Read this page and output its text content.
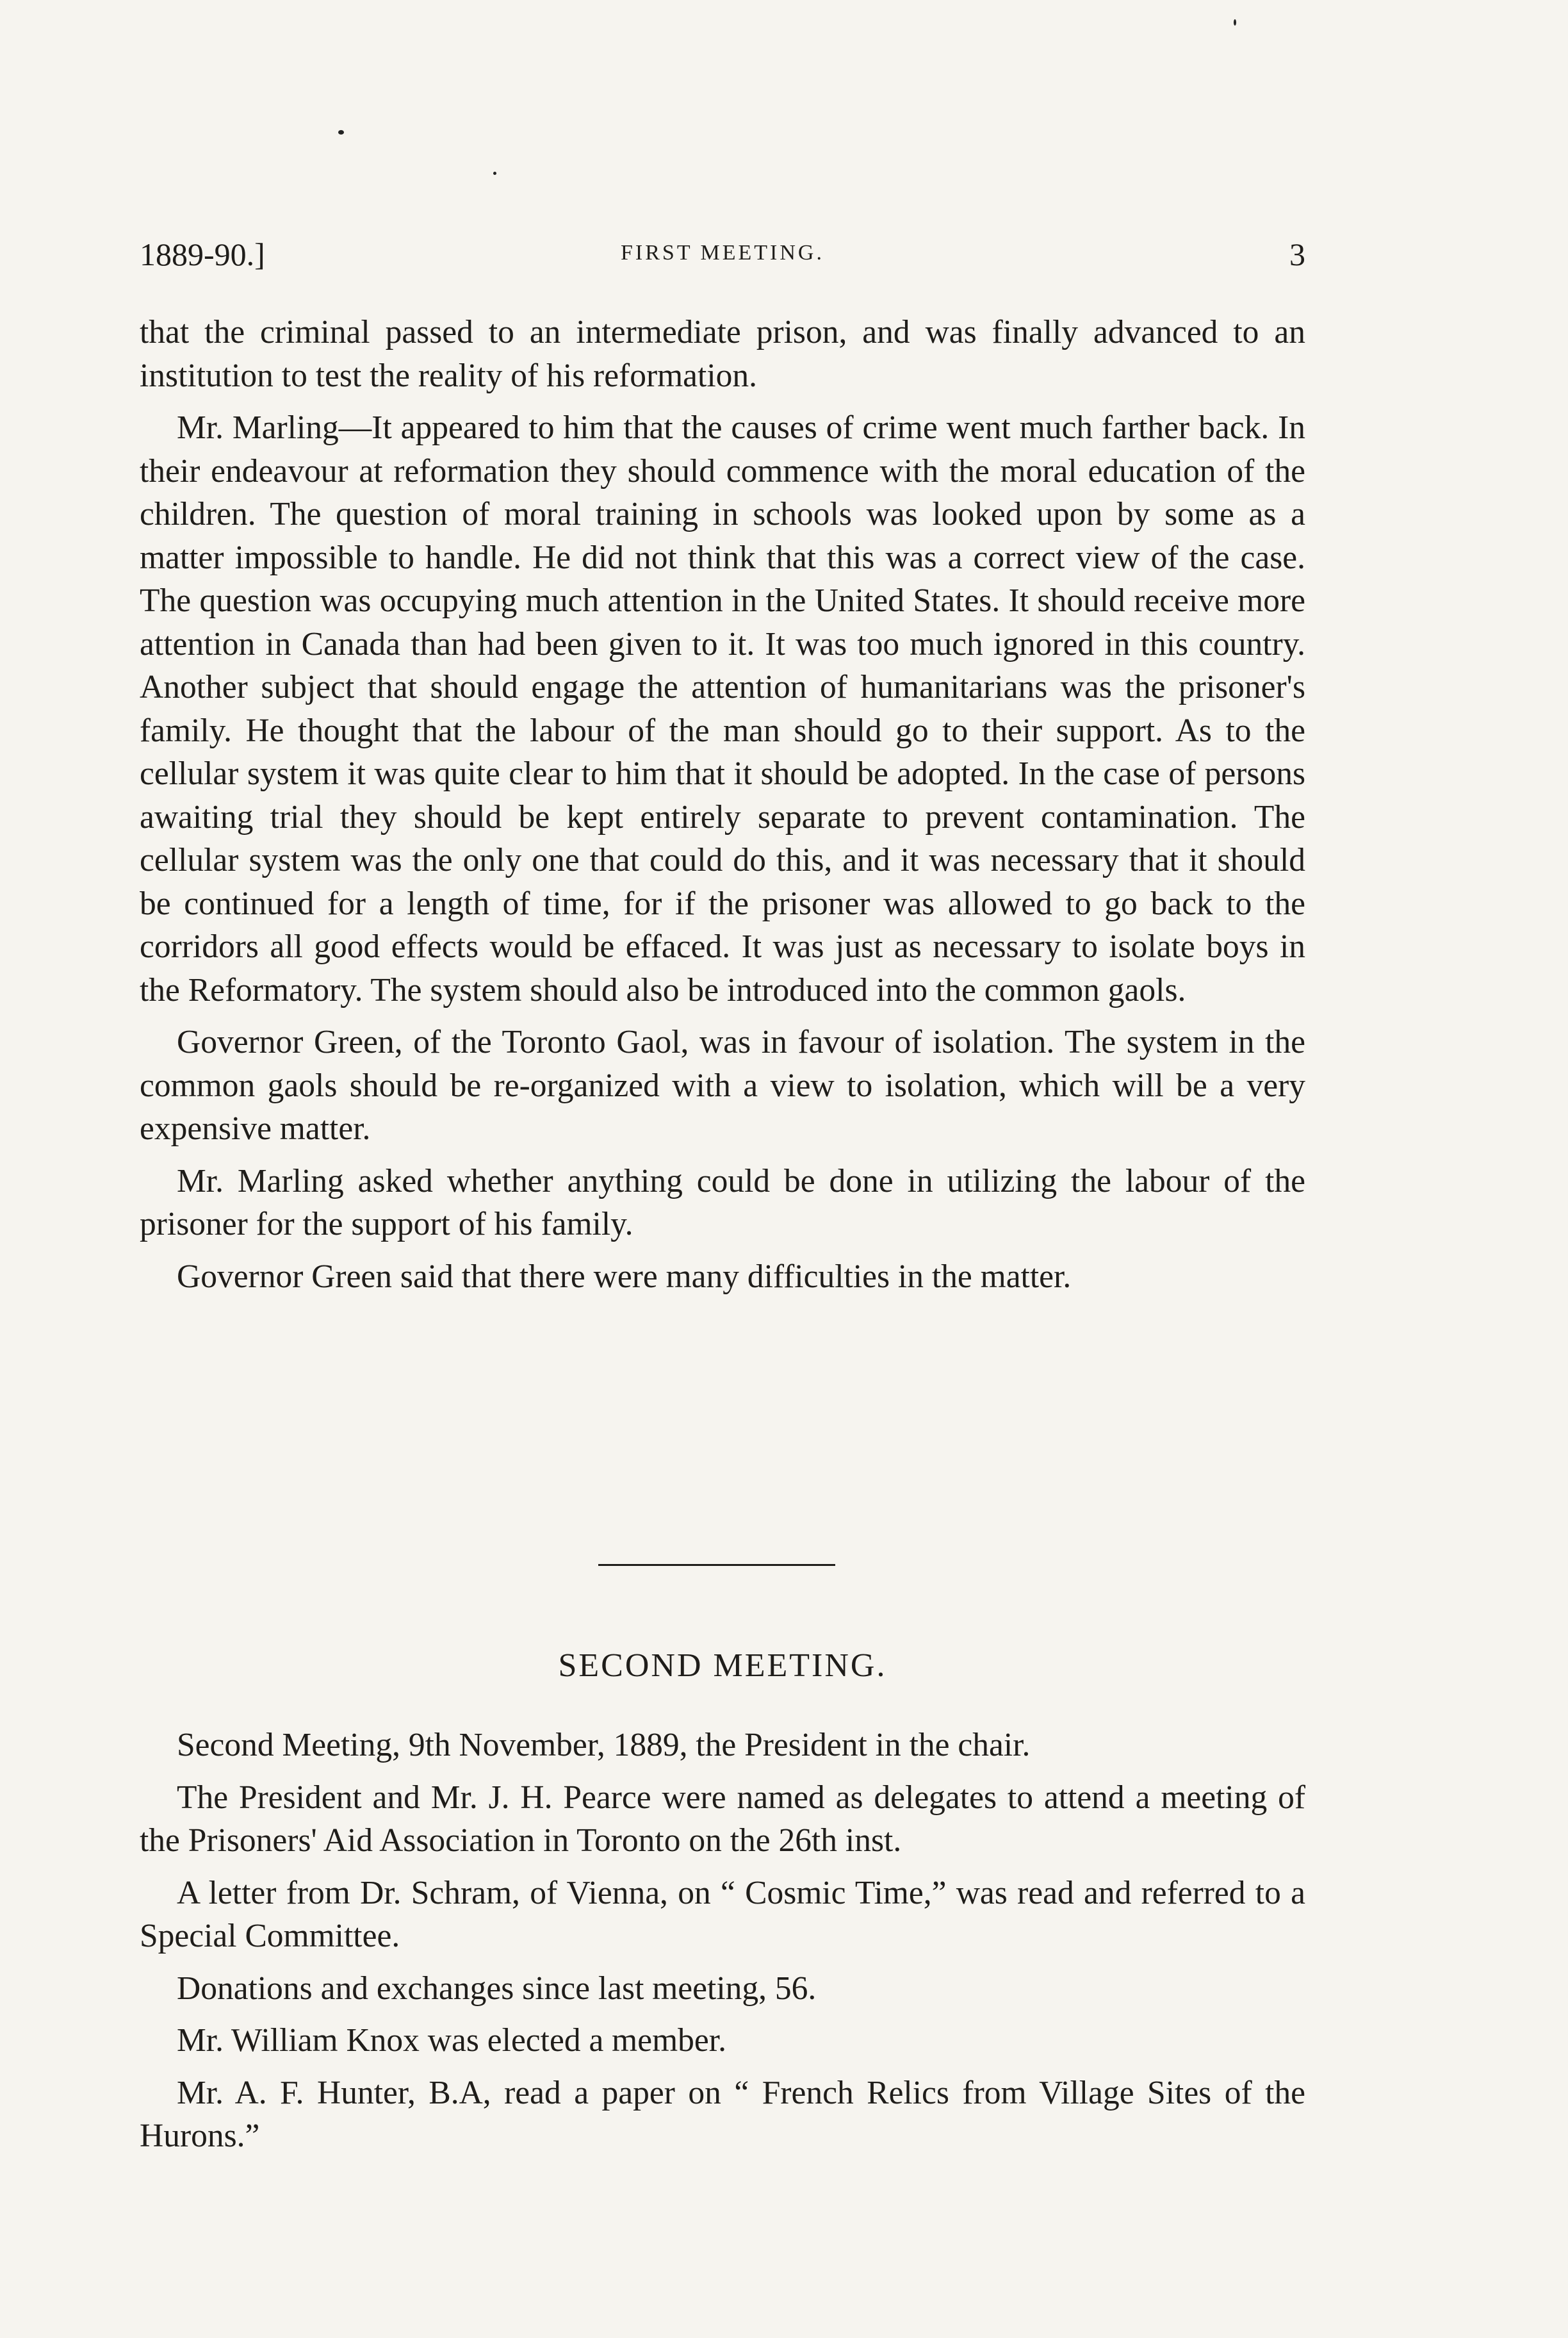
1889-90.]	FIRST MEETING.	3

that the criminal passed to an intermediate prison, and was finally advanced to an institution to test the reality of his reformation.

Mr. Marling—It appeared to him that the causes of crime went much farther back. In their endeavour at reformation they should commence with the moral education of the children. The question of moral training in schools was looked upon by some as a matter impossible to handle. He did not think that this was a correct view of the case. The question was occupying much attention in the United States. It should receive more attention in Canada than had been given to it. It was too much ignored in this country. Another subject that should engage the attention of humanitarians was the prisoner's family. He thought that the labour of the man should go to their support. As to the cellular system it was quite clear to him that it should be adopted. In the case of persons awaiting trial they should be kept entirely separate to prevent contamination. The cellular system was the only one that could do this, and it was necessary that it should be continued for a length of time, for if the prisoner was allowed to go back to the corridors all good effects would be effaced. It was just as necessary to isolate boys in the Reformatory. The system should also be introduced into the common gaols.

Governor Green, of the Toronto Gaol, was in favour of isolation. The system in the common gaols should be re-organized with a view to isolation, which will be a very expensive matter.

Mr. Marling asked whether anything could be done in utilizing the labour of the prisoner for the support of his family.

Governor Green said that there were many difficulties in the matter.

SECOND MEETING.

Second Meeting, 9th November, 1889, the President in the chair.

The President and Mr. J. H. Pearce were named as delegates to attend a meeting of the Prisoners' Aid Association in Toronto on the 26th inst.

A letter from Dr. Schram, of Vienna, on “ Cosmic Time,” was read and referred to a Special Committee.

Donations and exchanges since last meeting, 56.

Mr. William Knox was elected a member.

Mr. A. F. Hunter, B.A, read a paper on “ French Relics from Village Sites of the Hurons.”
